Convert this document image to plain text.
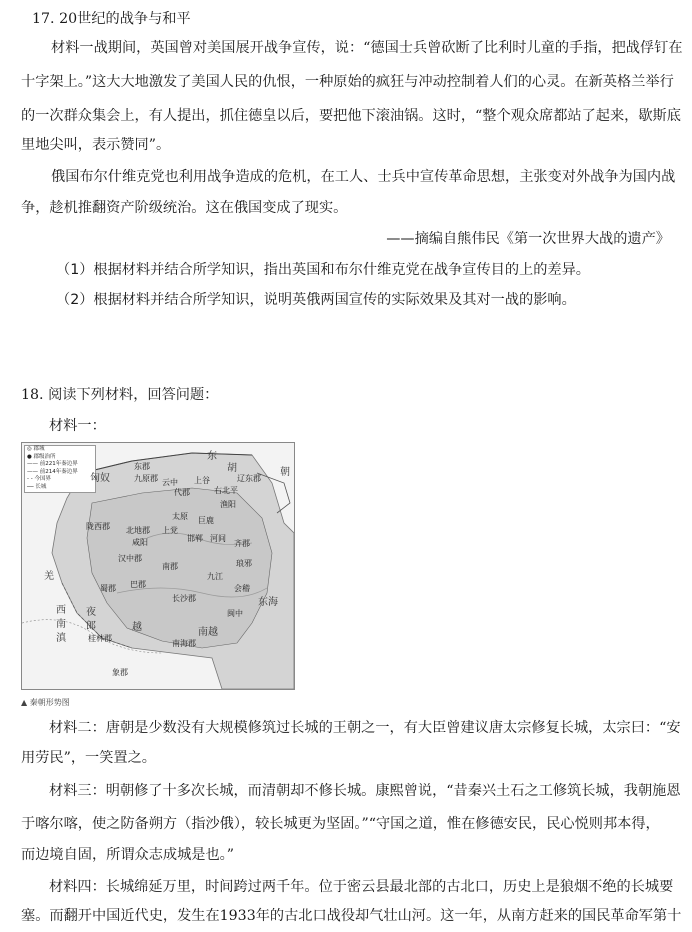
17. 20世纪的战争与和平
材料一战期间，英国曾对美国展开战争宣传，说：“德国士兵曾砍断了比利时儿童的手指，把战俘钉在
十字架上。”这大大地激发了美国人民的仇恨，一种原始的疯狂与冲动控制着人们的心灵。在新英格兰举行
的一次群众集会上，有人提出，抓住德皇以后，要把他下滚油锅。这时，“整个观众席都站了起来，歇斯底
里地尖叫，表示赞同”。
俄国布尔什维克党也利用战争造成的危机，在工人、士兵中宣传革命思想，主张变对外战争为国内战
争，趁机推翻资产阶级统治。这在俄国变成了现实。
——摘编自熊伟民《第一次世界大战的遗产》
（1）根据材料并结合所学知识，指出英国和布尔什维克党在战争宣传目的上的差异。
（2）根据材料并结合所学知识，说明英俄两国宣传的实际效果及其对一战的影响。
18. 阅读下列材料，回答问题：
材料一：
◎ 郡城
● 郡级治所
—— 前221年秦边界
—— 前214年秦边界
- - 今国界
── 长城
东
胡
东郡
辽东郡
九原郡 云中
代郡
上谷
右北平
朝
渔阳
陇西郡 北地郡
咸阳	邯郸
太原 巨鹿
河间
上党
齐郡
琅邪
汉中郡
蜀郡 巴郡
南郡
长沙郡
会稽
九江
闽中
南海郡
桂林郡
象郡
羌
西
南
滇
夜
郎	越	南越
匈奴
东海
▲ 秦朝形势图
材料二：唐朝是少数没有大规模修筑过长城的王朝之一，有大臣曾建议唐太宗修复长城，太宗曰：“安
用劳民”，一笑置之。
材料三：明朝修了十多次长城，而清朝却不修长城。康熙曾说，“昔秦兴土石之工修筑长城，我朝施恩
于喀尔喀，使之防备朔方（指沙俄），较长城更为坚固。”“守国之道，惟在修德安民，民心悦则邦本得，
而边境自固，所谓众志成城是也。”
材料四：长城绵延万里，时间跨过两千年。位于密云县最北部的古北口，历史上是狼烟不绝的长城要
塞。而翻开中国近代史，发生在1933年的古北口战役却气壮山河。这一年，从南方赶来的国民革命军第十
